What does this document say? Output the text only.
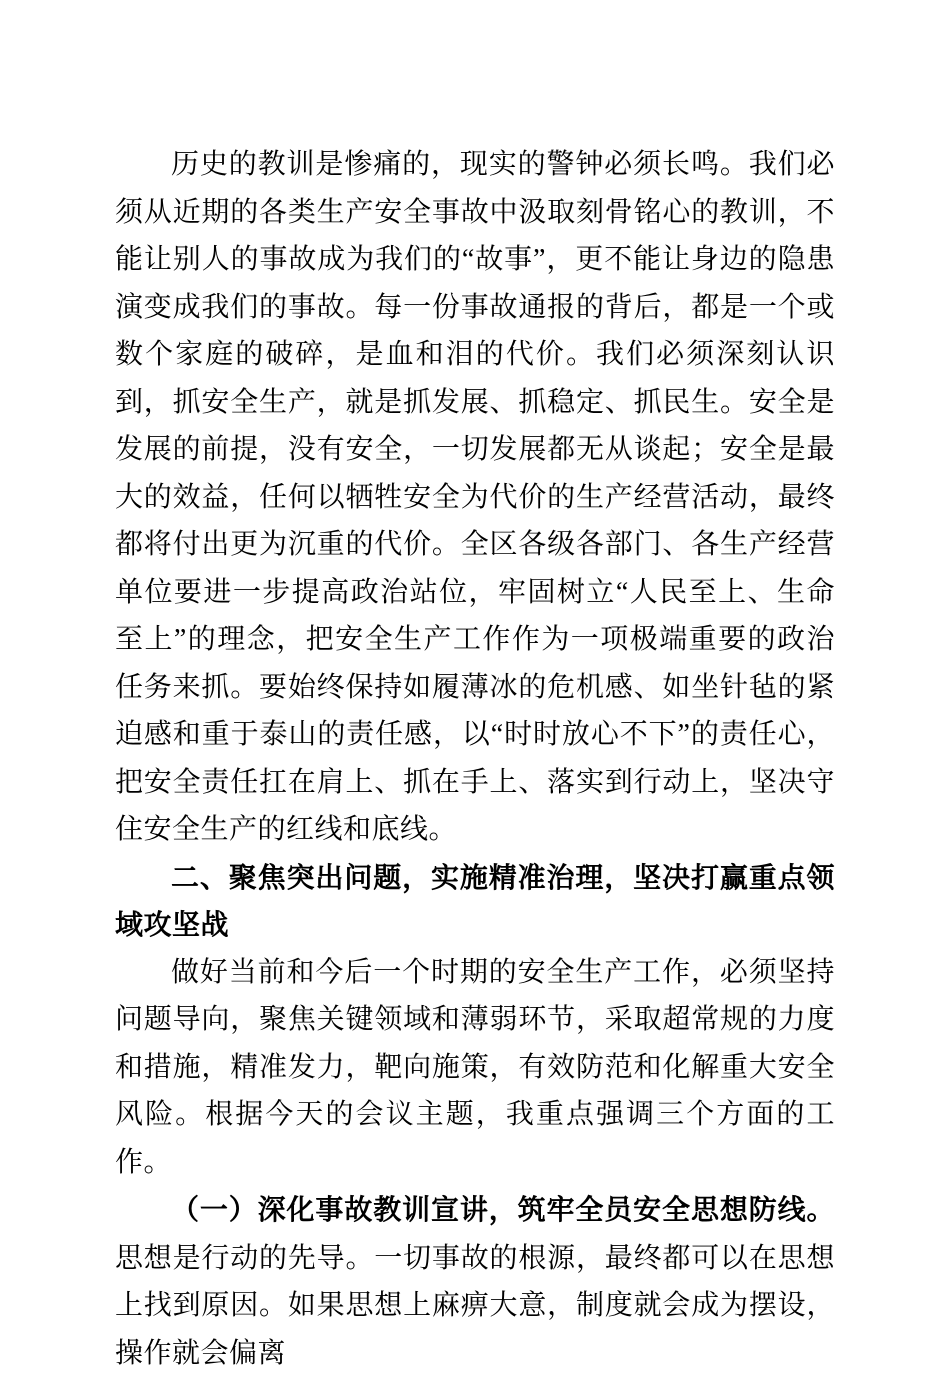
历史的教训是惨痛的，现实的警钟必须长鸣。我们必须从近期的各类生产安全事故中汲取刻骨铭心的教训，不能让别人的事故成为我们的“故事”，更不能让身边的隐患演变成我们的事故。每一份事故通报的背后，都是一个或数个家庭的破碎，是血和泪的代价。我们必须深刻认识到，抓安全生产，就是抓发展、抓稳定、抓民生。安全是发展的前提，没有安全，一切发展都无从谈起；安全是最大的效益，任何以牺牲安全为代价的生产经营活动，最终都将付出更为沉重的代价。全区各级各部门、各生产经营单位要进一步提高政治站位，牢固树立“人民至上、生命至上”的理念，把安全生产工作作为一项极端重要的政治任务来抓。要始终保持如履薄冰的危机感、如坐针毡的紧迫感和重于泰山的责任感，以“时时放心不下”的责任心，把安全责任扛在肩上、抓在手上、落实到行动上，坚决守住安全生产的红线和底线。

二、聚焦突出问题，实施精准治理，坚决打赢重点领域攻坚战

做好当前和今后一个时期的安全生产工作，必须坚持问题导向，聚焦关键领域和薄弱环节，采取超常规的力度和措施，精准发力，靶向施策，有效防范和化解重大安全风险。根据今天的会议主题，我重点强调三个方面的工作。

（一）深化事故教训宣讲，筑牢全员安全思想防线。思想是行动的先导。一切事故的根源，最终都可以在思想上找到原因。如果思想上麻痹大意，制度就会成为摆设，操作就会偏离
